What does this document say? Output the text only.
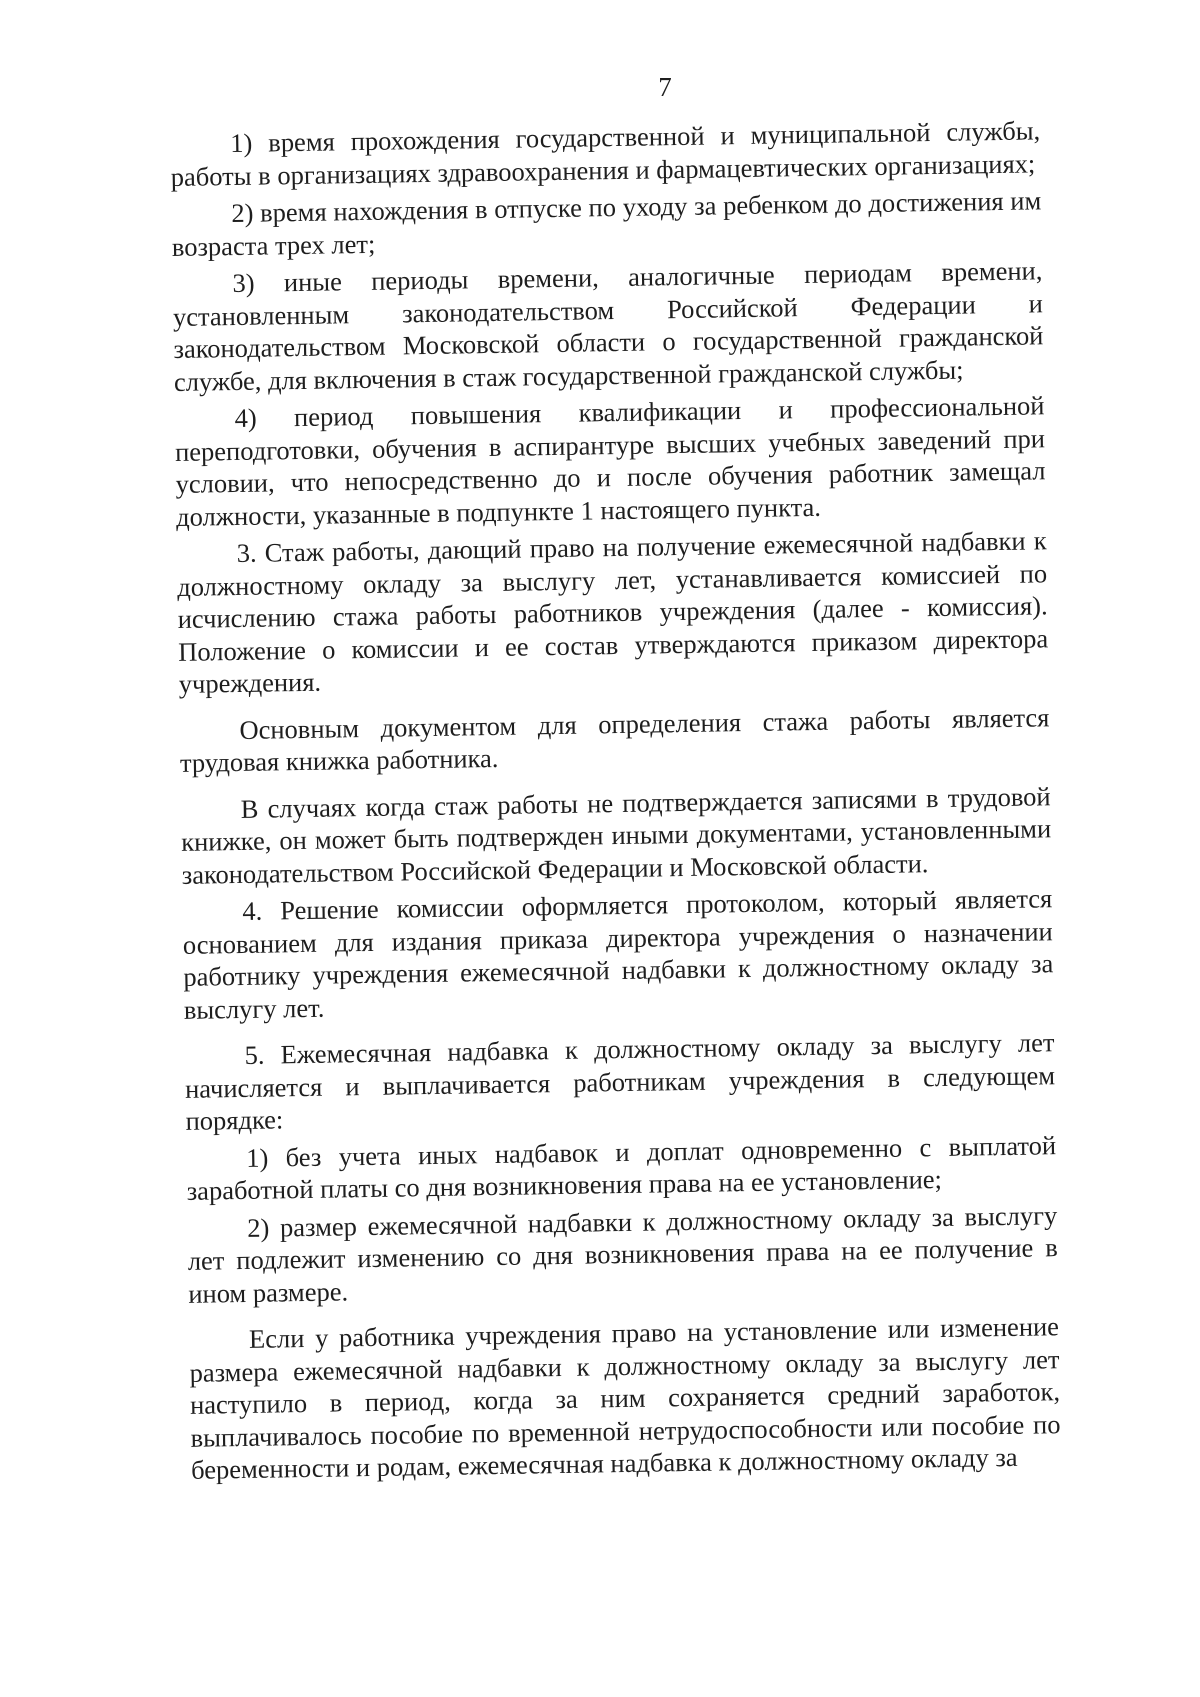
7

1) время прохождения государственной и муниципальной службы, работы в организациях здравоохранения и фармацевтических организациях;

2) время нахождения в отпуске по уходу за ребенком до достижения им возраста трех лет;

3) иные периоды времени, аналогичные периодам времени, установленным законодательством Российской Федерации и законодательством Московской области о государственной гражданской службе, для включения в стаж государственной гражданской службы;

4) период повышения квалификации и профессиональной переподготовки, обучения в аспирантуре высших учебных заведений при условии, что непосредственно до и после обучения работник замещал должности, указанные в подпункте 1 настоящего пункта.

3. Стаж работы, дающий право на получение ежемесячной надбавки к должностному окладу за выслугу лет, устанавливается комиссией по исчислению стажа работы работников учреждения (далее - комиссия). Положение о комиссии и ее состав утверждаются приказом директора учреждения.

Основным документом для определения стажа работы является трудовая книжка работника.

В случаях когда стаж работы не подтверждается записями в трудовой книжке, он может быть подтвержден иными документами, установленными законодательством Российской Федерации и Московской области.

4. Решение комиссии оформляется протоколом, который является основанием для издания приказа директора учреждения о назначении работнику учреждения ежемесячной надбавки к должностному окладу за выслугу лет.

5. Ежемесячная надбавка к должностному окладу за выслугу лет начисляется и выплачивается работникам учреждения в следующем порядке:

1) без учета иных надбавок и доплат одновременно с выплатой заработной платы со дня возникновения права на ее установление;

2) размер ежемесячной надбавки к должностному окладу за выслугу лет подлежит изменению со дня возникновения права на ее получение в ином размере.

Если у работника учреждения право на установление или изменение размера ежемесячной надбавки к должностному окладу за выслугу лет наступило в период, когда за ним сохраняется средний заработок, выплачивалось пособие по временной нетрудоспособности или пособие по беременности и родам, ежемесячная надбавка к должностному окладу за
